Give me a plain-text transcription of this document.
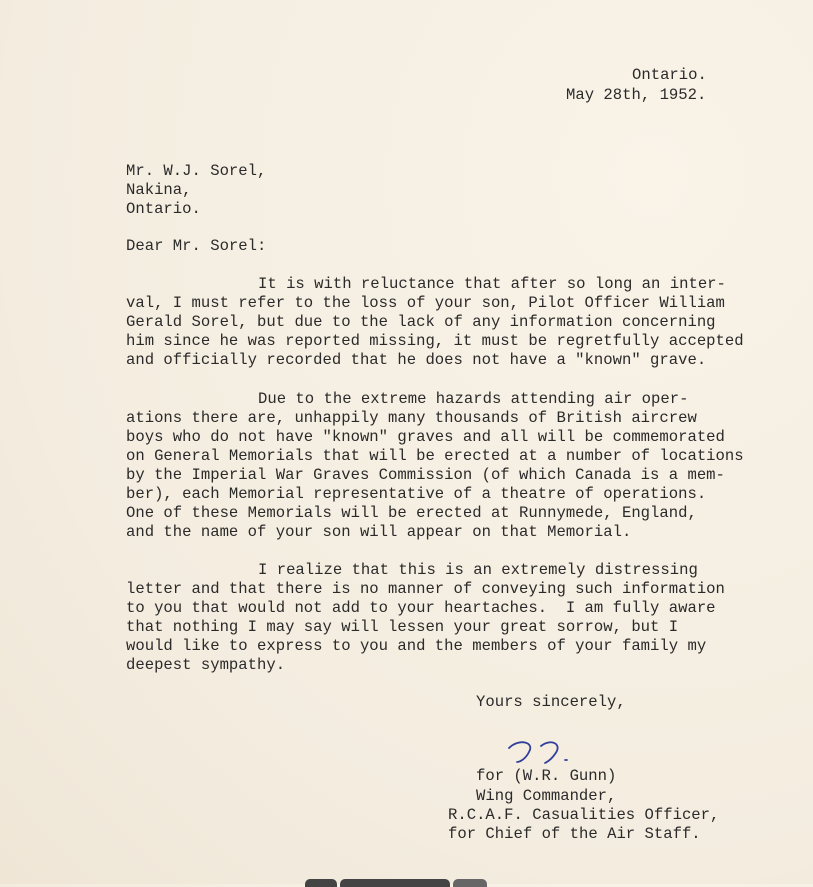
Ontario.
May 28th, 1952.
Mr. W.J. Sorel,
Nakina,
Ontario.
Dear Mr. Sorel:
It is with reluctance that after so long an inter-
val, I must refer to the loss of your son, Pilot Officer William
Gerald Sorel, but due to the lack of any information concerning
him since he was reported missing, it must be regretfully accepted
and officially recorded that he does not have a "known" grave.
Due to the extreme hazards attending air oper-
ations there are, unhappily many thousands of British aircrew
boys who do not have "known" graves and all will be commemorated
on General Memorials that will be erected at a number of locations
by the Imperial War Graves Commission (of which Canada is a mem-
ber), each Memorial representative of a theatre of operations.
One of these Memorials will be erected at Runnymede, England,
and the name of your son will appear on that Memorial.
I realize that this is an extremely distressing
letter and that there is no manner of conveying such information
to you that would not add to your heartaches.  I am fully aware
that nothing I may say will lessen your great sorrow, but I
would like to express to you and the members of your family my
deepest sympathy.
Yours sincerely,
for (W.R. Gunn)
Wing Commander,
R.C.A.F. Casualities Officer,
for Chief of the Air Staff.
